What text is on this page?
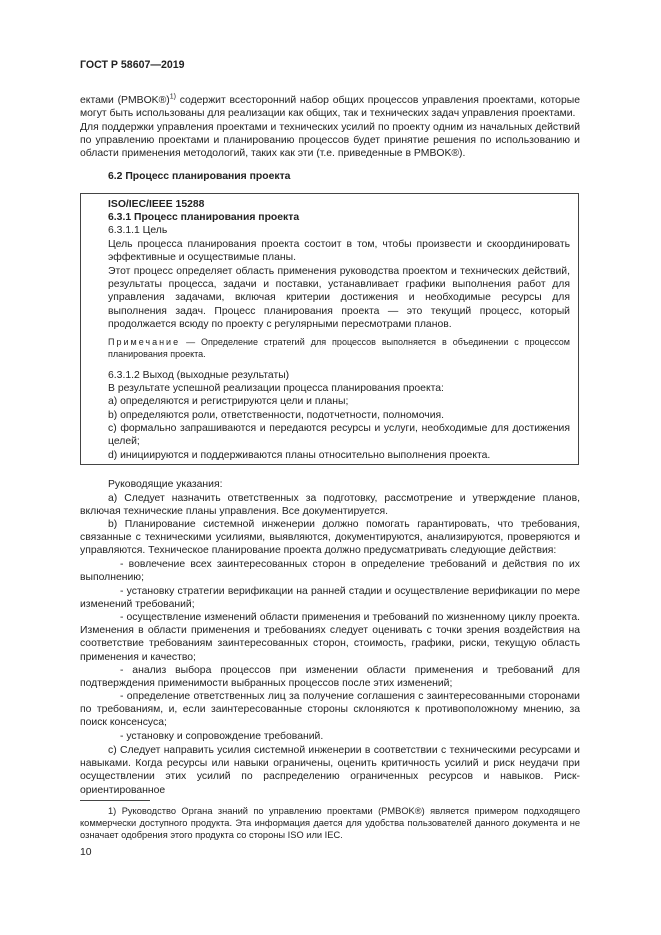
ГОСТ Р 58607—2019
ектами (PMBOK®)$^{1)}$ содержит всесторонний набор общих процессов управления проектами, которые могут быть использованы для реализации как общих, так и технических задач управления проектами.
Для поддержки управления проектами и технических усилий по проекту одним из начальных действий по управлению проектами и планированию процессов будет принятие решения по использованию и области применения методологий, таких как эти (т.е. приведенные в PMBOK®).
6.2 Процесс планирования проекта
ISO/IEC/IEEE 15288
6.3.1 Процесс планирования проекта
6.3.1.1 Цель
Цель процесса планирования проекта состоит в том, чтобы произвести и скоординировать эффективные и осуществимые планы.
Этот процесс определяет область применения руководства проектом и технических действий, результаты процесса, задачи и поставки, устанавливает графики выполнения работ для управления задачами, включая критерии достижения и необходимые ресурсы для выполнения задач. Процесс планирования проекта — это текущий процесс, который продолжается всюду по проекту с регулярными пересмотрами планов.
Примечание — Определение стратегий для процессов выполняется в объединении с процессом планирования проекта.
6.3.1.2 Выход (выходные результаты)
В результате успешной реализации процесса планирования проекта:
a) определяются и регистрируются цели и планы;
b) определяются роли, ответственности, подотчетности, полномочия.
c) формально запрашиваются и передаются ресурсы и услуги, необходимые для достижения целей;
d) инициируются и поддерживаются планы относительно выполнения проекта.
Руководящие указания:
a) Следует назначить ответственных за подготовку, рассмотрение и утверждение планов, включая технические планы управления. Все документируется.
b) Планирование системной инженерии должно помогать гарантировать, что требования, связанные с техническими усилиями, выявляются, документируются, анализируются, проверяются и управляются. Техническое планирование проекта должно предусматривать следующие действия:
- вовлечение всех заинтересованных сторон в определение требований и действия по их выполнению;
- установку стратегии верификации на ранней стадии и осуществление верификации по мере изменений требований;
- осуществление изменений области применения и требований по жизненному циклу проекта. Изменения в области применения и требованиях следует оценивать с точки зрения воздействия на соответствие требованиям заинтересованных сторон, стоимость, графики, риски, текущую область применения и качество;
- анализ выбора процессов при изменении области применения и требований для подтверждения применимости выбранных процессов после этих изменений;
- определение ответственных лиц за получение соглашения с заинтересованными сторонами по требованиям, и, если заинтересованные стороны склоняются к противоположному мнению, за поиск консенсуса;
- установку и сопровождение требований.
c) Следует направить усилия системной инженерии в соответствии с техническими ресурсами и навыками. Когда ресурсы или навыки ограничены, оценить критичность усилий и риск неудачи при осуществлении этих усилий по распределению ограниченных ресурсов и навыков. Риск-ориентированное
1) Руководство Органа знаний по управлению проектами (PMBOK®) является примером подходящего коммерчески доступного продукта. Эта информация дается для удобства пользователей данного документа и не означает одобрения этого продукта со стороны ISO или IEC.
10
